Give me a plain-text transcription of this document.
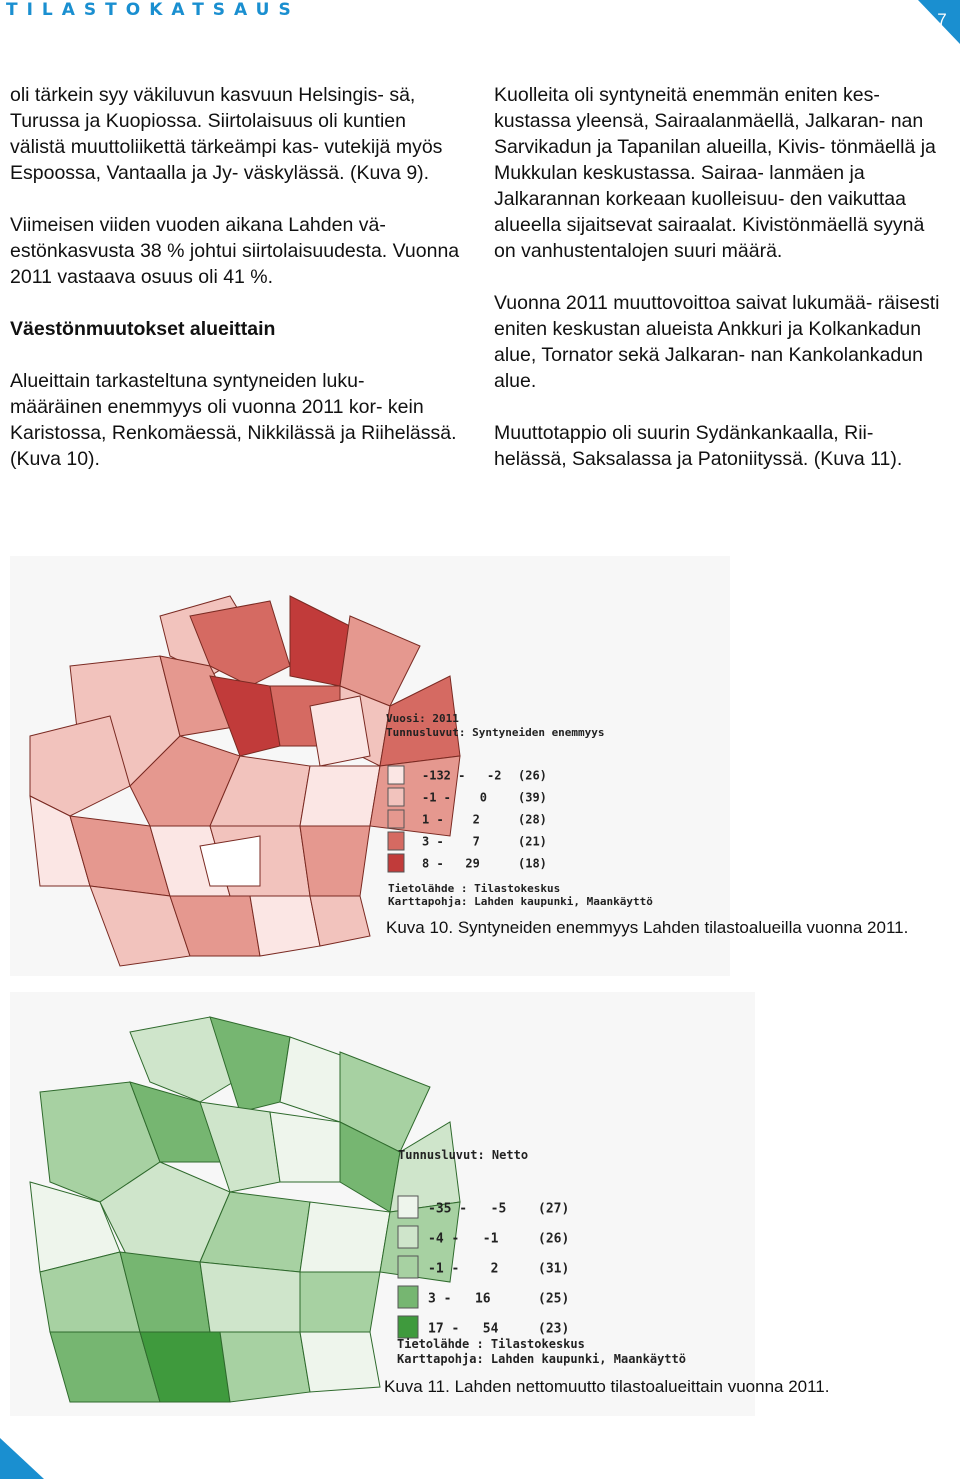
TILASTOKATSAUS	7

oli tärkein syy väkiluvun kasvuun Helsingis- sä, Turussa ja Kuopiossa. Siirtolaisuus oli kuntien välistä muuttoliikettä tärkeämpi kas- vutekijä myös Espoossa, Vantaalla ja Jy- väskylässä. (Kuva 9).

Viimeisen viiden vuoden aikana Lahden vä- estönkasvusta 38 % johtui siirtolaisuudesta. Vuonna 2011 vastaava osuus oli 41 %.

Väestönmuutokset alueittain

Alueittain tarkasteltuna syntyneiden luku- määräinen enemmyys oli vuonna 2011 kor- kein Karistossa, Renkomäessä, Nikkilässä ja Riihelässä. (Kuva 10).

Kuolleita oli syntyneitä enemmän eniten kes- kustassa yleensä, Sairaalanmäellä, Jalkaran- nan Sarvikadun ja Tapanilan alueilla, Kivis- tönmäellä ja Mukkulan keskustassa. Sairaa- lanmäen ja Jalkarannan korkeaan kuolleisuu- den vaikuttaa alueella sijaitsevat sairaalat. Kivistönmäellä syynä on vanhustentalojen suuri määrä.

Vuonna 2011 muuttovoittoa saivat lukumää- räisesti eniten keskustan alueista Ankkuri ja Kolkankadun alue, Tornator sekä Jalkaran- nan Kankolankadun alue.

Muuttotappio oli suurin Sydänkankaalla, Rii- helässä, Saksalassa ja Patoniityssä. (Kuva 11).

Vuosi: 2011
Tunnusluvut: Syntyneiden enemmyys
-132 -   -2 (26)
-1 -    0	(39)
1 -    2	(28)
3 -    7	(21)
8 -   29	(18)
Tietolähde : Tilastokeskus
Karttapohja: Lahden kaupunki, Maankäyttö
Kuva 10. Syntyneiden enemmyys Lahden tilastoalueilla vuonna 2011.
Tunnusluvut: Netto
-35 -   -5 (27)
-4 -   -1	(26)
-1 -    2	(31)
3 -   16	(25)
17 -   54	(23)
Tietolähde : Tilastokeskus
Karttapohja: Lahden kaupunki, Maankäyttö
Kuva 11. Lahden nettomuutto tilastoalueittain vuonna 2011.
